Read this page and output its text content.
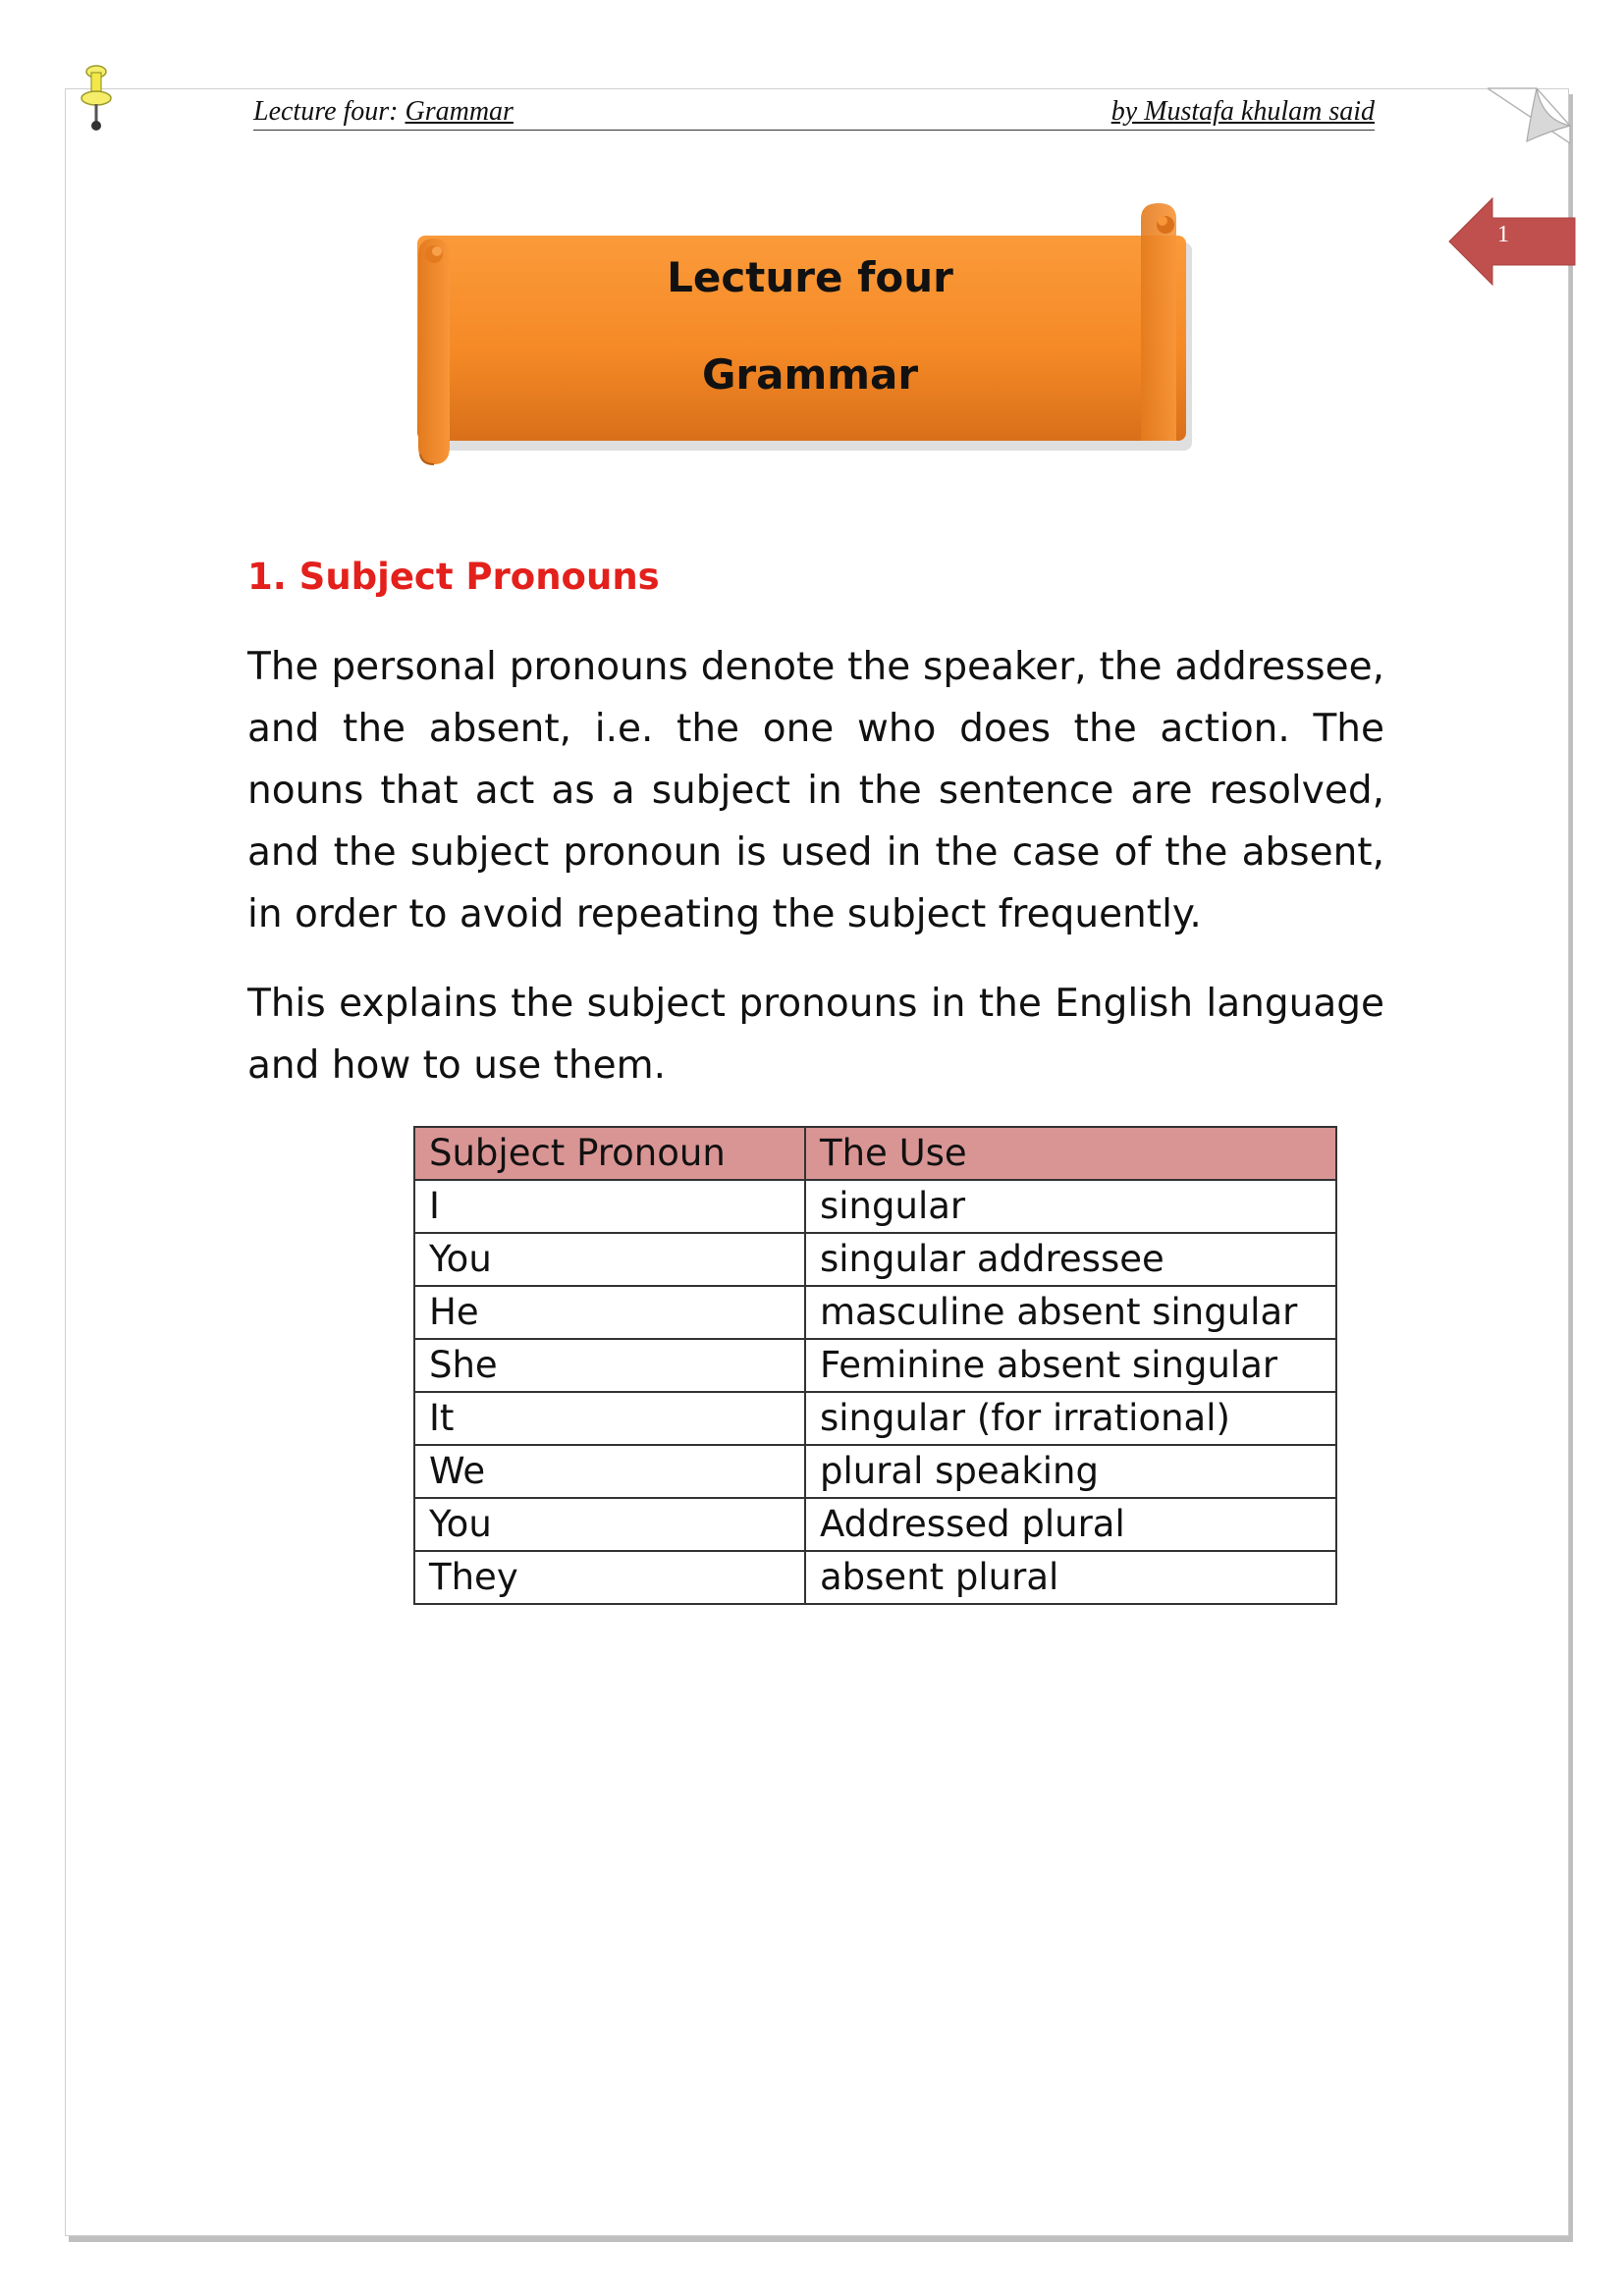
Lecture four: Grammar	by Mustafa khulam said
1
Lecture four
Grammar
1. Subject Pronouns

The personal pronouns denote the speaker, the addressee, and the absent, i.e. the one who does the action. The nouns that act as a subject in the sentence are resolved, and the subject pronoun is used in the case of the absent, in order to avoid repeating the subject frequently.

This explains the subject pronouns in the English language and how to use them.

Subject Pronoun	The Use
I	singular
You	singular addressee
He	masculine absent singular
She	Feminine absent singular
It	singular (for irrational)
We	plural speaking
You	Addressed plural
They	absent plural
